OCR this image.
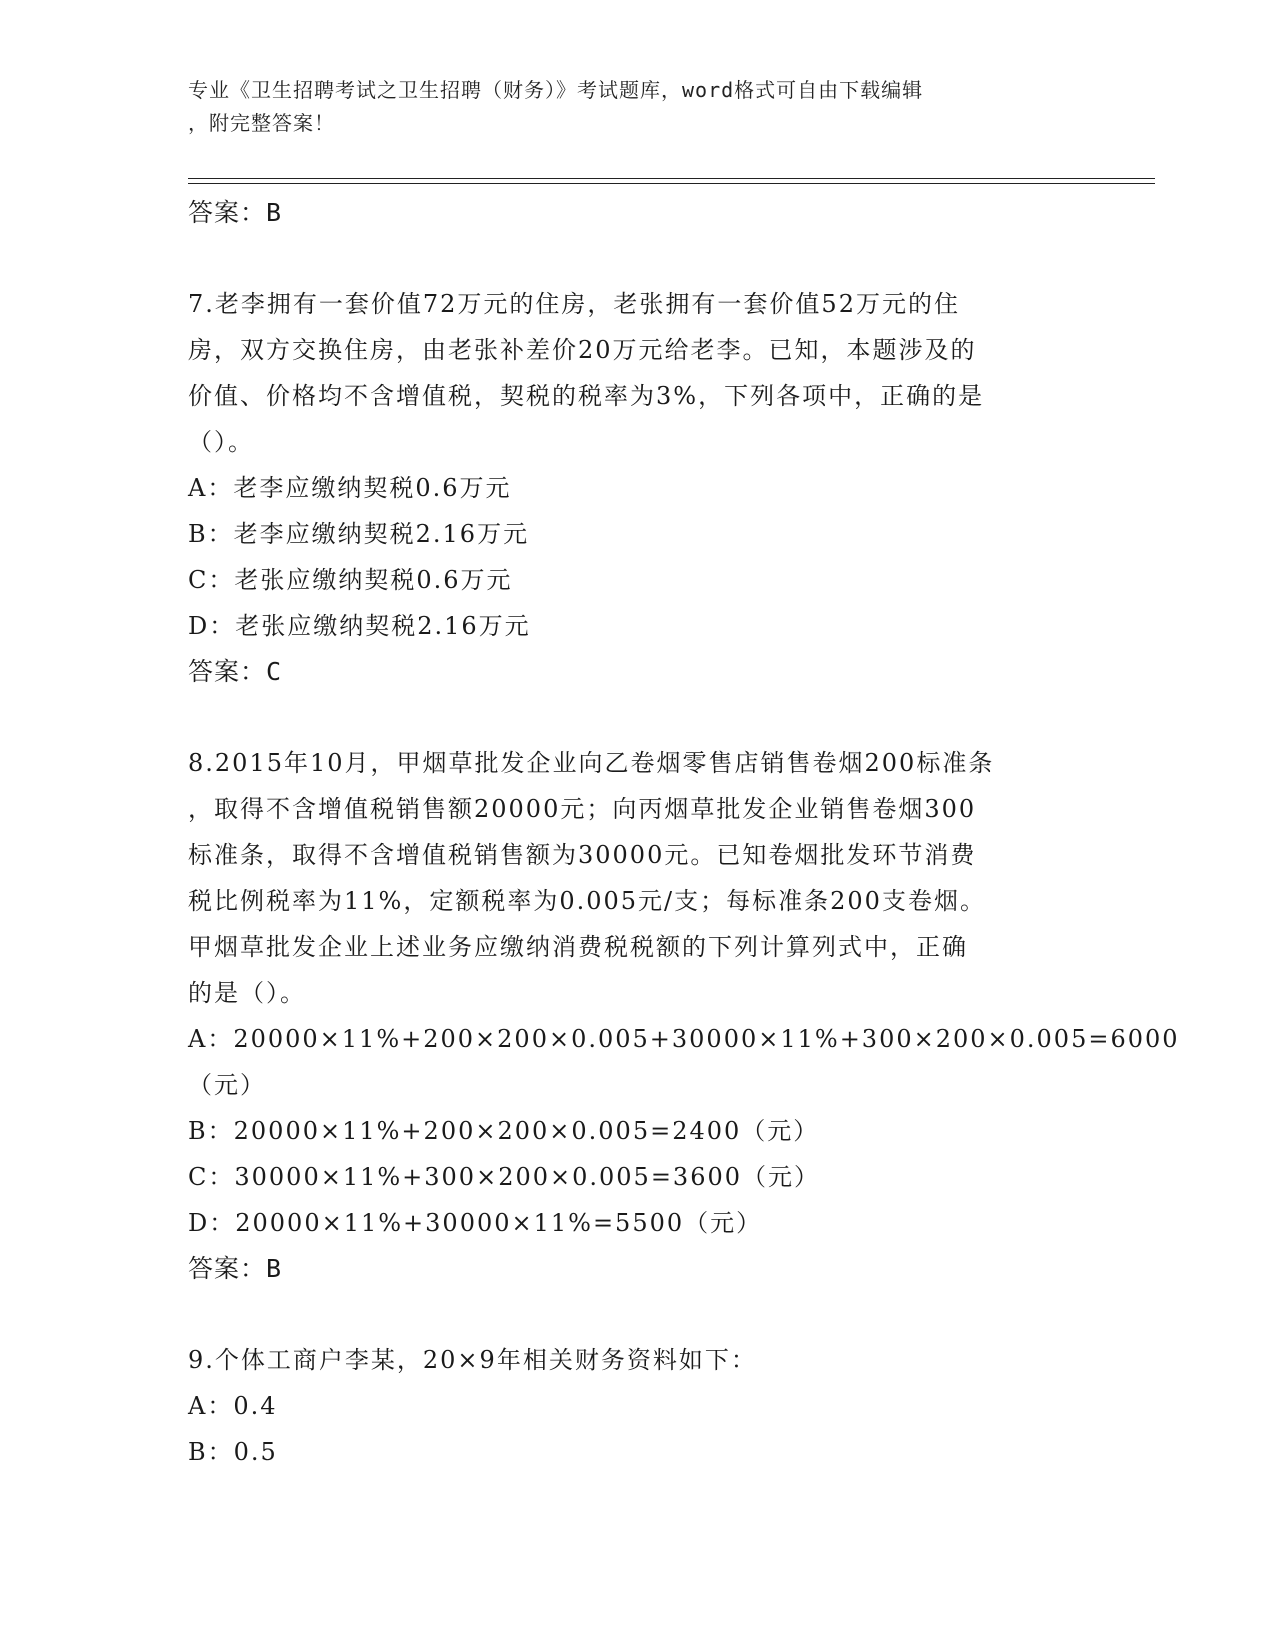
专业《卫生招聘考试之卫生招聘（财务）》考试题库，word格式可自由下载编辑
，附完整答案！
答案：B
7.老李拥有一套价值72万元的住房，老张拥有一套价值52万元的住
房，双方交换住房，由老张补差价20万元给老李。已知，本题涉及的
价值、价格均不含增值税，契税的税率为3%，下列各项中，正确的是
（）。
A：老李应缴纳契税0.6万元
B：老李应缴纳契税2.16万元
C：老张应缴纳契税0.6万元
D：老张应缴纳契税2.16万元
答案：C
8.2015年10月，甲烟草批发企业向乙卷烟零售店销售卷烟200标准条
，取得不含增值税销售额20000元；向丙烟草批发企业销售卷烟300
标准条，取得不含增值税销售额为30000元。已知卷烟批发环节消费
税比例税率为11%，定额税率为0.005元/支；每标准条200支卷烟。
甲烟草批发企业上述业务应缴纳消费税税额的下列计算列式中，正确
的是（）。
A：20000×11%+200×200×0.005+30000×11%+300×200×0.005=6000
（元）
B：20000×11%+200×200×0.005=2400（元）
C：30000×11%+300×200×0.005=3600（元）
D：20000×11%+30000×11%=5500（元）
答案：B
9.个体工商户李某，20×9年相关财务资料如下：
A：0.4
B：0.5
